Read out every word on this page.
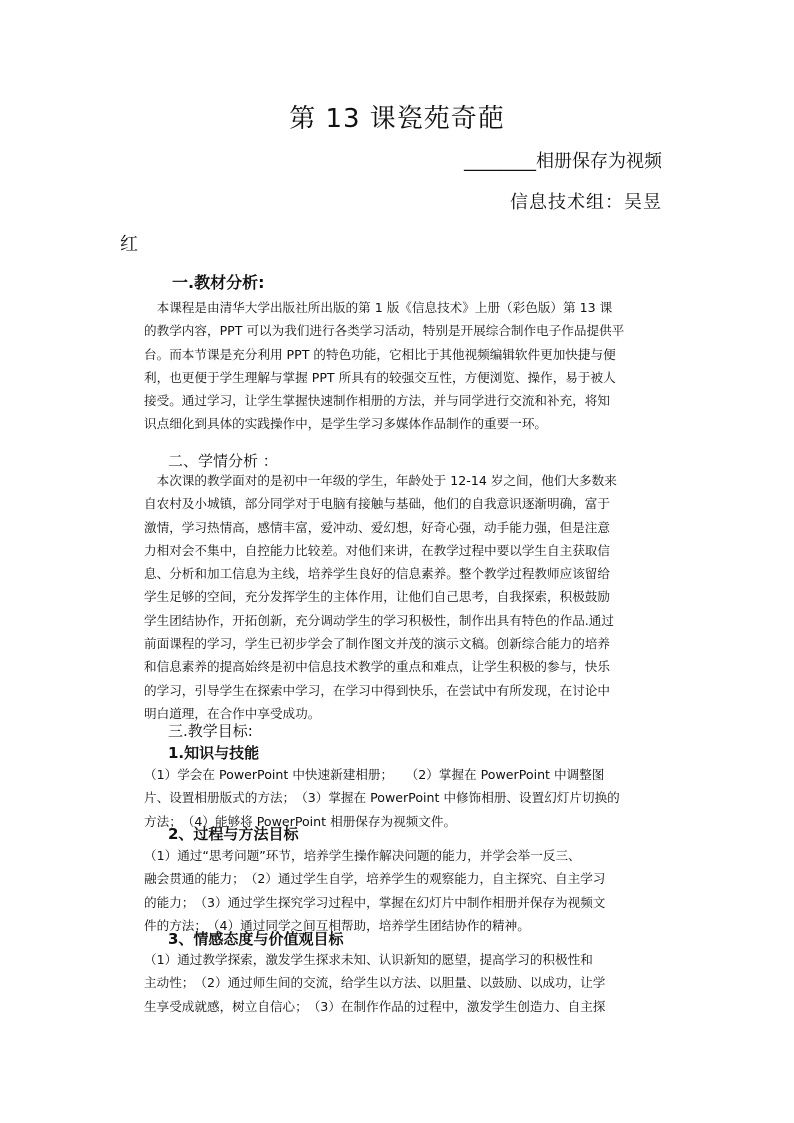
第 13 课瓷苑奇葩
________相册保存为视频
信息技术组：吴昱
红
一.教材分析:
　本课程是由清华大学出版社所出版的第 1 版《信息技术》上册（彩色版）第 13 课
的教学内容，PPT 可以为我们进行各类学习活动，特别是开展综合制作电子作品提供平
台。而本节课是充分利用 PPT 的特色功能，它相比于其他视频编辑软件更加快捷与便
利，也更便于学生理解与掌握 PPT 所具有的较强交互性，方便浏览、操作，易于被人
接受。通过学习，让学生掌握快速制作相册的方法，并与同学进行交流和补充，将知
识点细化到具体的实践操作中，是学生学习多媒体作品制作的重要一环。
二、学情分析 ：
　本次课的教学面对的是初中一年级的学生，年龄处于 12-14 岁之间，他们大多数来
自农村及小城镇，部分同学对于电脑有接触与基础，他们的自我意识逐渐明确，富于
激情，学习热情高，感情丰富，爱冲动、爱幻想，好奇心强，动手能力强，但是注意
力相对会不集中，自控能力比较差。对他们来讲，在教学过程中要以学生自主获取信
息、分析和加工信息为主线，培养学生良好的信息素养。整个教学过程教师应该留给
学生足够的空间，充分发挥学生的主体作用，让他们自己思考，自我探索，积极鼓励
学生团结协作，开拓创新，充分调动学生的学习积极性，制作出具有特色的作品.通过
前面课程的学习，学生已初步学会了制作图文并茂的演示文稿。创新综合能力的培养
和信息素养的提高始终是初中信息技术教学的重点和难点，让学生积极的参与，快乐
的学习，引导学生在探索中学习，在学习中得到快乐，在尝试中有所发现，在讨论中
明白道理，在合作中享受成功。
三.教学目标:
1.知识与技能
（1）学会在 PowerPoint 中快速新建相册；　　（2）掌握在 PowerPoint 中调整图
片、设置相册版式的方法；　（3）掌握在 PowerPoint 中修饰相册、设置幻灯片切换的
方法；　（4）能够将 PowerPoint 相册保存为视频文件。
2、过程与方法目标
（1）通过“思考问题”环节，培养学生操作解决问题的能力，并学会举一反三、
融会贯通的能力；　（2）通过学生自学，培养学生的观察能力，自主探究、自主学习
的能力；　（3）通过学生探究学习过程中，掌握在幻灯片中制作相册并保存为视频文
件的方法；　（4）通过同学之间互相帮助，培养学生团结协作的精神。
3、情感态度与价值观目标
（1）通过教学探索，激发学生探求未知、认识新知的愿望，提高学习的积极性和
主动性；　（2）通过师生间的交流，给学生以方法、以胆量、以鼓励、以成功，让学
生享受成就感，树立自信心；　（3）在制作作品的过程中，激发学生创造力、自主探
